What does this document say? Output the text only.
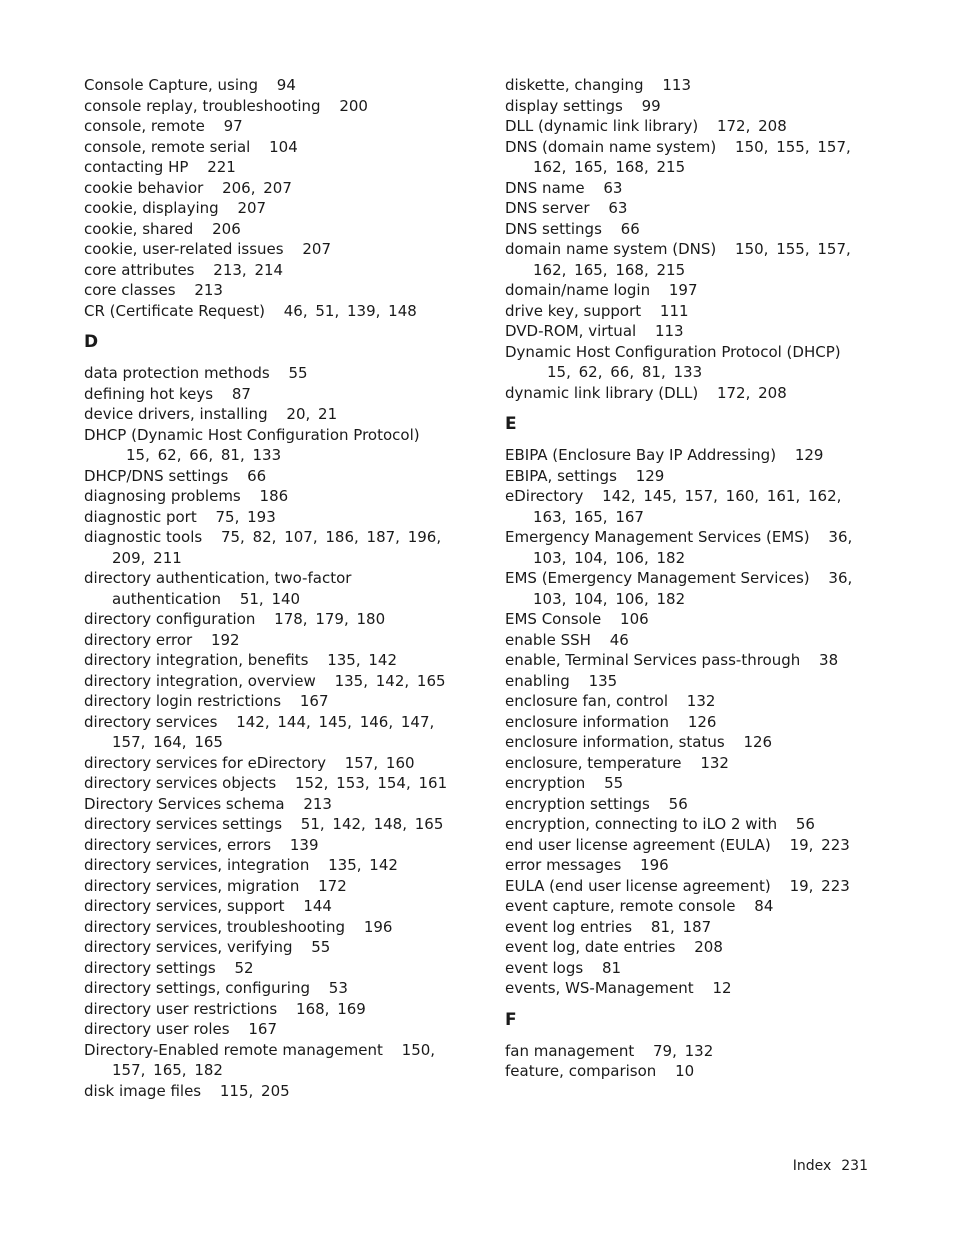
Console Capture, using 94
console replay, troubleshooting 200
console, remote 97
console, remote serial 104
contacting HP 221
cookie behavior 206, 207
cookie, displaying 207
cookie, shared 206
cookie, user-related issues 207
core attributes 213, 214
core classes 213
CR (Certificate Request) 46, 51, 139, 148
D
data protection methods 55
defining hot keys 87
device drivers, installing 20, 21
DHCP (Dynamic Host Configuration Protocol) 15, 62, 66, 81, 133
DHCP/DNS settings 66
diagnosing problems 186
diagnostic port 75, 193
diagnostic tools 75, 82, 107, 186, 187, 196, 209, 211
directory authentication, two-factor authentication 51, 140
directory configuration 178, 179, 180
directory error 192
directory integration, benefits 135, 142
directory integration, overview 135, 142, 165
directory login restrictions 167
directory services 142, 144, 145, 146, 147, 157, 164, 165
directory services for eDirectory 157, 160
directory services objects 152, 153, 154, 161
Directory Services schema 213
directory services settings 51, 142, 148, 165
directory services, errors 139
directory services, integration 135, 142
directory services, migration 172
directory services, support 144
directory services, troubleshooting 196
directory services, verifying 55
directory settings 52
directory settings, configuring 53
directory user restrictions 168, 169
directory user roles 167
Directory-Enabled remote management 150, 157, 165, 182
disk image files 115, 205
diskette, changing 113
display settings 99
DLL (dynamic link library) 172, 208
DNS (domain name system) 150, 155, 157, 162, 165, 168, 215
DNS name 63
DNS server 63
DNS settings 66
domain name system (DNS) 150, 155, 157, 162, 165, 168, 215
domain/name login 197
drive key, support 111
DVD-ROM, virtual 113
Dynamic Host Configuration Protocol (DHCP) 15, 62, 66, 81, 133
dynamic link library (DLL) 172, 208
E
EBIPA (Enclosure Bay IP Addressing) 129
EBIPA, settings 129
eDirectory 142, 145, 157, 160, 161, 162, 163, 165, 167
Emergency Management Services (EMS) 36, 103, 104, 106, 182
EMS (Emergency Management Services) 36, 103, 104, 106, 182
EMS Console 106
enable SSH 46
enable, Terminal Services pass-through 38
enabling 135
enclosure fan, control 132
enclosure information 126
enclosure information, status 126
enclosure, temperature 132
encryption 55
encryption settings 56
encryption, connecting to iLO 2 with 56
end user license agreement (EULA) 19, 223
error messages 196
EULA (end user license agreement) 19, 223
event capture, remote console 84
event log entries 81, 187
event log, date entries 208
event logs 81
events, WS-Management 12
F
fan management 79, 132
feature, comparison 10
Index 231
